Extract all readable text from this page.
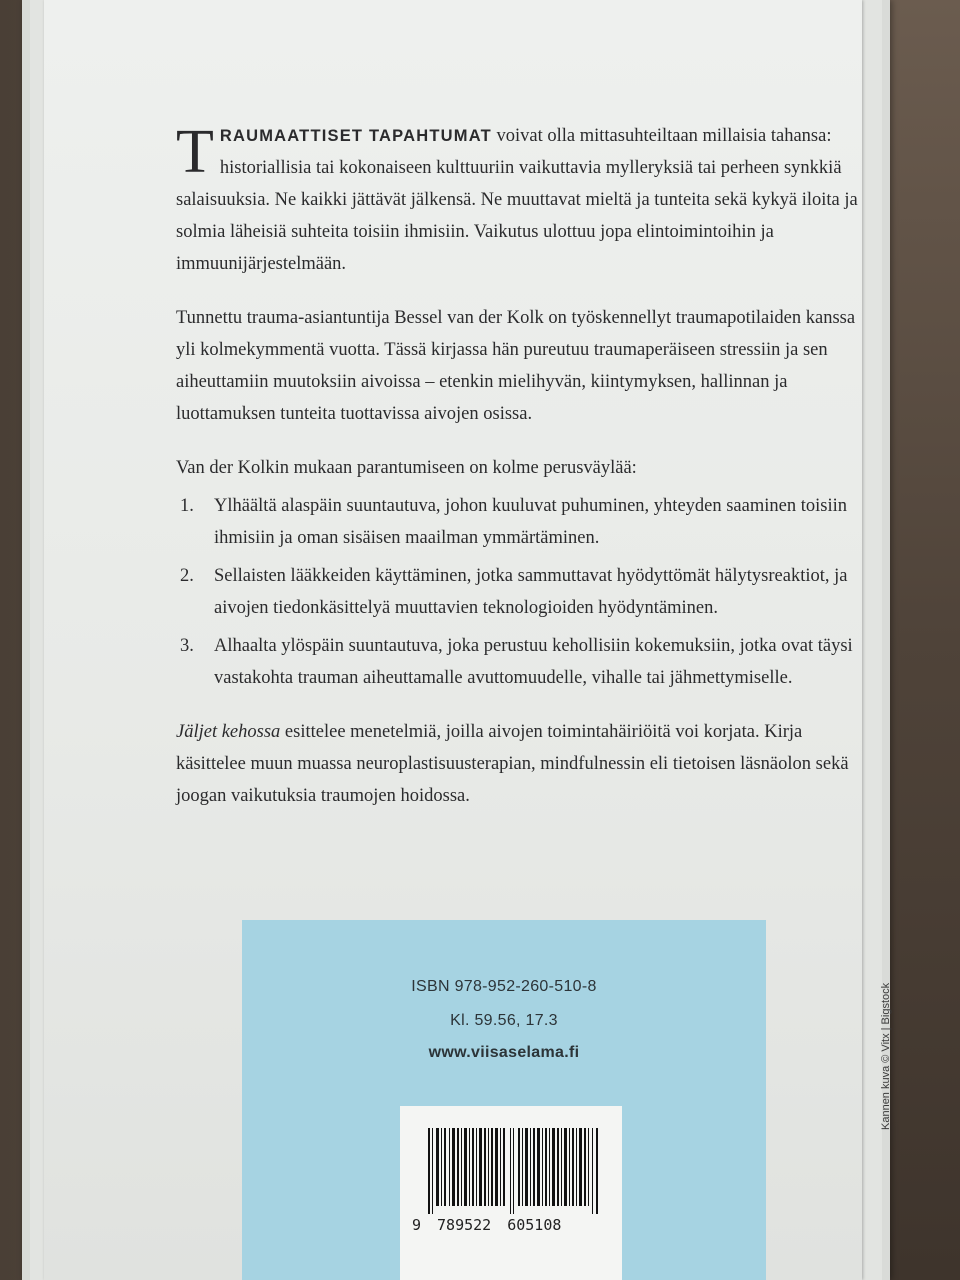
TRAUMAATTISET TAPAHTUMAT voivat olla mittasuhteiltaan millaisia tahansa: historiallisia tai kokonaiseen kulttuuriin vaikuttavia mylleryksiä tai perheen synkkiä salaisuuksia. Ne kaikki jättävät jälkensä. Ne muuttavat mieltä ja tunteita sekä kykyä iloita ja solmia läheisiä suhteita toisiin ihmisiin. Vaikutus ulottuu jopa elintoimintoihin ja immuunijärjestelmään.

Tunnettu trauma-asiantuntija Bessel van der Kolk on työskennellyt traumapotilaiden kanssa yli kolmekymmentä vuotta. Tässä kirjassa hän pureutuu traumaperäiseen stressiin ja sen aiheuttamiin muutoksiin aivoissa – etenkin mielihyvän, kiintymyksen, hallinnan ja luottamuksen tunteita tuottavissa aivojen osissa.

Van der Kolkin mukaan parantumiseen on kolme perusväylää:

1. Ylhäältä alaspäin suuntautuva, johon kuuluvat puhuminen, yhteyden saaminen toisiin ihmisiin ja oman sisäisen maailman ymmärtäminen.
2. Sellaisten lääkkeiden käyttäminen, jotka sammuttavat hyödyttömät hälytysreaktiot, ja aivojen tiedonkäsittelyä muuttavien teknologioiden hyödyntäminen.
3. Alhaalta ylöspäin suuntautuva, joka perustuu kehollisiin kokemuksiin, jotka ovat täysi vastakohta trauman aiheuttamalle avuttomuudelle, vihalle tai jähmettymiselle.

Jäljet kehossa esittelee menetelmiä, joilla aivojen toimintahäiriöitä voi korjata. Kirja käsittelee muun muassa neuroplastisuusterapian, mindfulnessin eli tietoisen läsnäolon sekä joogan vaikutuksia traumojen hoidossa.

ISBN 978-952-260-510-8
Kl. 59.56, 17.3
www.viisaselama.fi
9 789522 605108
Kannen kuva © Vitx | Bigstock
